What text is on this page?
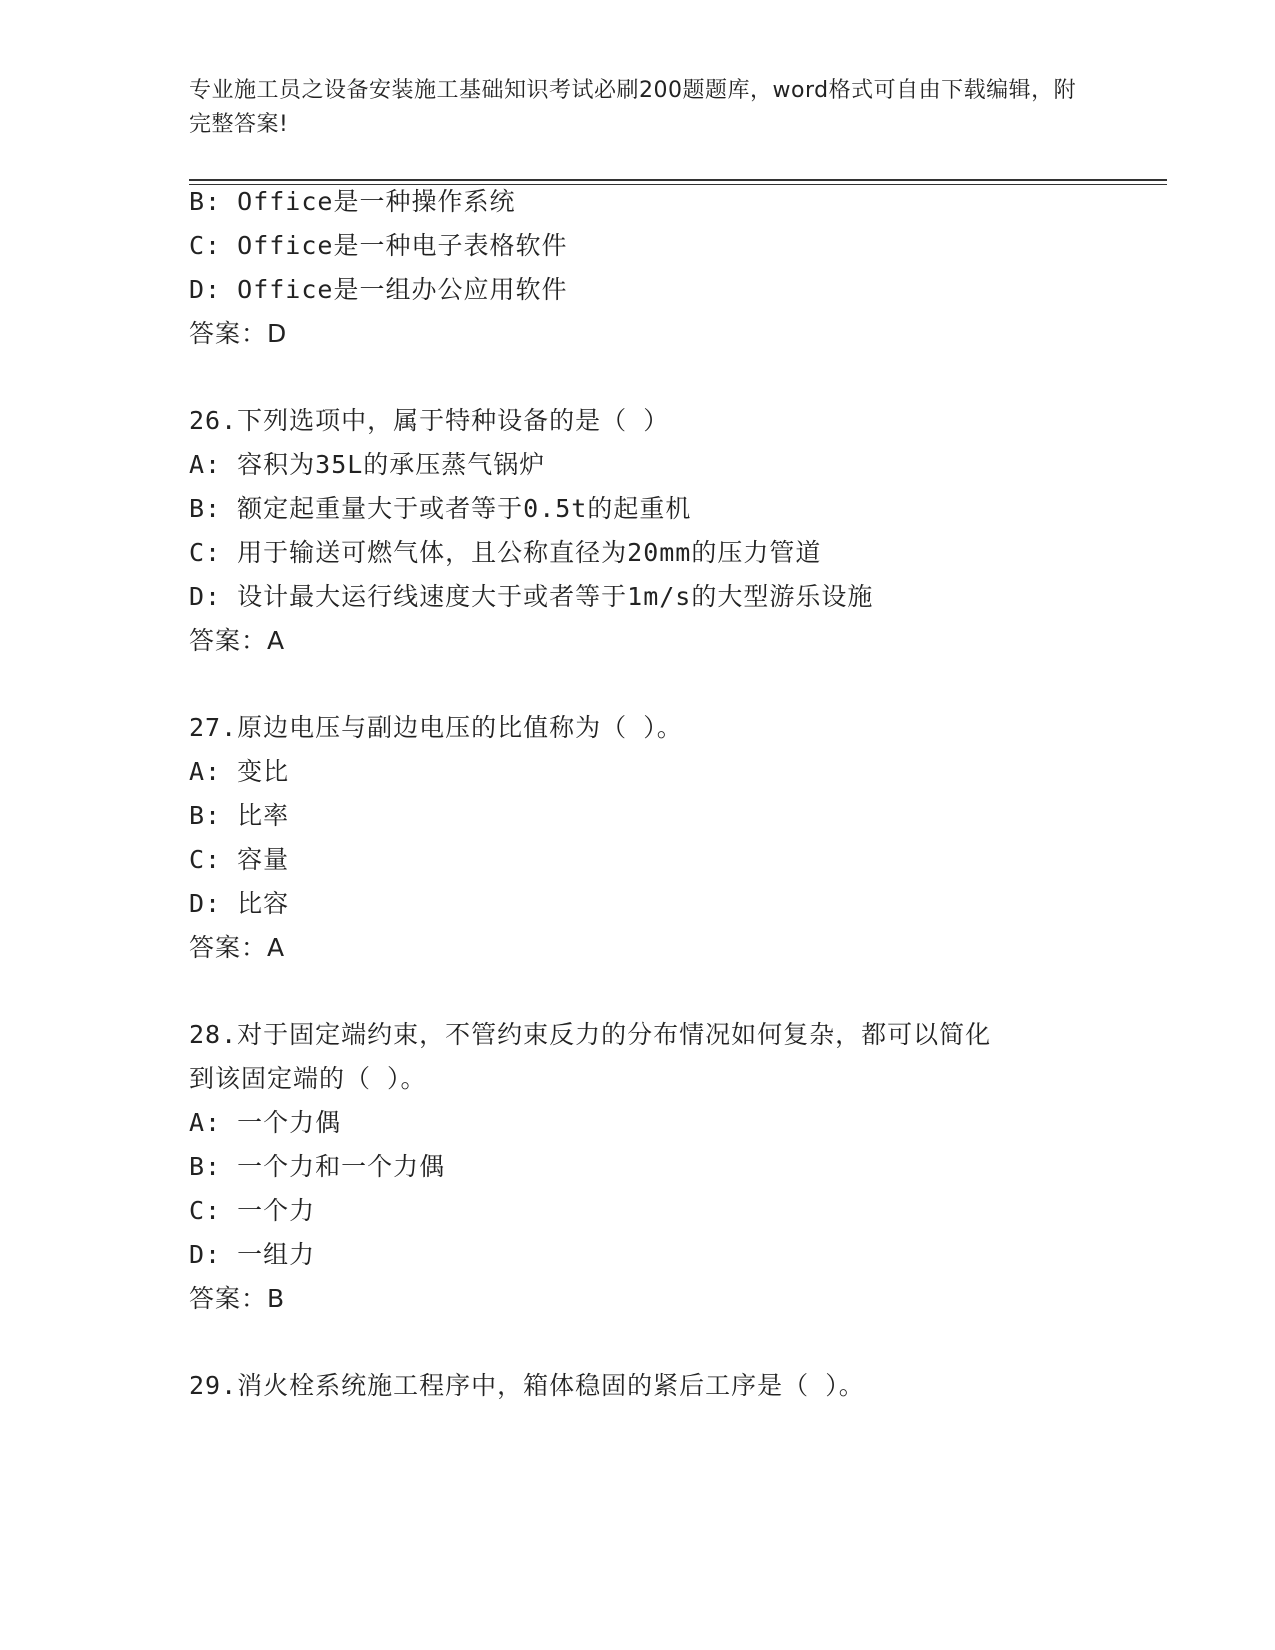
专业施工员之设备安装施工基础知识考试必刷200题题库，word格式可自由下载编辑，附完整答案!
B: Office是一种操作系统
C: Office是一种电子表格软件
D: Office是一组办公应用软件
答案：D
26.下列选项中，属于特种设备的是（ ）
A: 容积为35L的承压蒸气锅炉
B: 额定起重量大于或者等于0.5t的起重机
C: 用于输送可燃气体，且公称直径为20mm的压力管道
D: 设计最大运行线速度大于或者等于1m/s的大型游乐设施
答案：A
27.原边电压与副边电压的比值称为（ ）。
A: 变比
B: 比率
C: 容量
D: 比容
答案：A
28.对于固定端约束，不管约束反力的分布情况如何复杂，都可以简化
到该固定端的（ ）。
A: 一个力偶
B: 一个力和一个力偶
C: 一个力
D: 一组力
答案：B
29.消火栓系统施工程序中，箱体稳固的紧后工序是（ ）。
